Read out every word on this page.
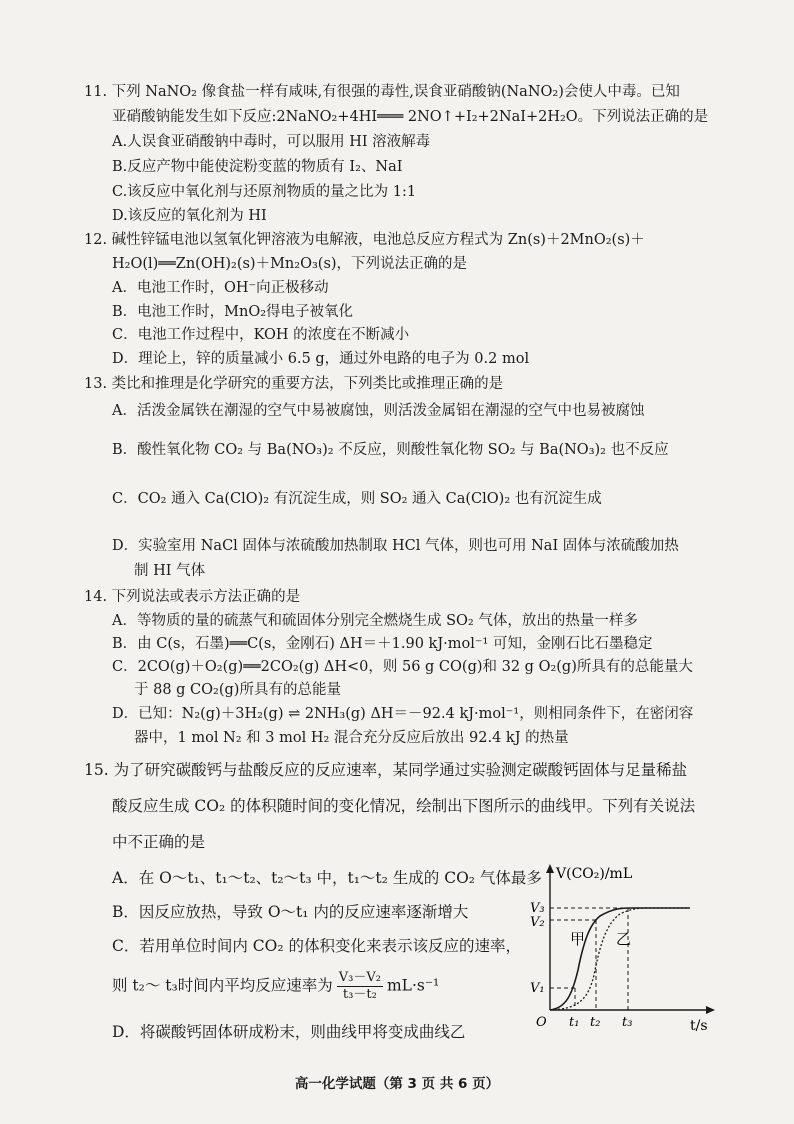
11. 下列 NaNO₂ 像食盐一样有咸味,有很强的毒性,误食亚硝酸钠(NaNO₂)会使人中毒。已知
亚硝酸钠能发生如下反应:2NaNO₂+4HI═══ 2NO↑+I₂+2NaI+2H₂O。下列说法正确的是
A.人误食亚硝酸钠中毒时，可以服用 HI 溶液解毒
B.反应产物中能使淀粉变蓝的物质有 I₂、NaI
C.该反应中氧化剂与还原剂物质的量之比为 1:1
D.该反应的氧化剂为 HI
12. 碱性锌锰电池以氢氧化钾溶液为电解液，电池总反应方程式为 Zn(s)＋2MnO₂(s)＋
H₂O(l)══Zn(OH)₂(s)＋Mn₂O₃(s)，下列说法正确的是
A．电池工作时，OH⁻向正极移动
B．电池工作时，MnO₂得电子被氧化
C．电池工作过程中，KOH 的浓度在不断减小
D．理论上，锌的质量减小 6.5 g，通过外电路的电子为 0.2 mol
13. 类比和推理是化学研究的重要方法，下列类比或推理正确的是
A．活泼金属铁在潮湿的空气中易被腐蚀，则活泼金属铝在潮湿的空气中也易被腐蚀
B．酸性氧化物 CO₂ 与 Ba(NO₃)₂ 不反应，则酸性氧化物 SO₂ 与 Ba(NO₃)₂ 也不反应
C．CO₂ 通入 Ca(ClO)₂ 有沉淀生成，则 SO₂ 通入 Ca(ClO)₂ 也有沉淀生成
D．实验室用 NaCl 固体与浓硫酸加热制取 HCl 气体，则也可用 NaI 固体与浓硫酸加热
制 HI 气体
14. 下列说法或表示方法正确的是
A．等物质的量的硫蒸气和硫固体分别完全燃烧生成 SO₂ 气体，放出的热量一样多
B．由 C(s，石墨)══C(s，金刚石) ΔH＝＋1.90 kJ·mol⁻¹ 可知，金刚石比石墨稳定
C．2CO(g)＋O₂(g)══2CO₂(g) ΔH<0，则 56 g CO(g)和 32 g O₂(g)所具有的总能量大
于 88 g CO₂(g)所具有的总能量
D．已知：N₂(g)＋3H₂(g) ⇌ 2NH₃(g) ΔH＝－92.4 kJ·mol⁻¹，则相同条件下，在密闭容
器中，1 mol N₂ 和 3 mol H₂ 混合充分反应后放出 92.4 kJ 的热量
15. 为了研究碳酸钙与盐酸反应的反应速率，某同学通过实验测定碳酸钙固体与足量稀盐
酸反应生成 CO₂ 的体积随时间的变化情况，绘制出下图所示的曲线甲。下列有关说法
中不正确的是
A．在 O～t₁、t₁～t₂、t₂～t₃ 中，t₁～t₂ 生成的 CO₂ 气体最多
B．因反应放热，导致 O～t₁ 内的反应速率逐渐增大
C．若用单位时间内 CO₂ 的体积变化来表示该反应的速率，
则 t₂～ t₃时间内平均反应速率为 $\frac{\text{V₃－V₂}}{\text{t₃－t₂}} mL\cdot s^{-1}$
D．将碳酸钙固体研成粉末，则曲线甲将变成曲线乙
V(CO₂)/mL
t/s
O
V₃
V₂
V₁
t₁ t₂ t₃
甲 乙
高一化学试题（第 3 页 共 6 页）
